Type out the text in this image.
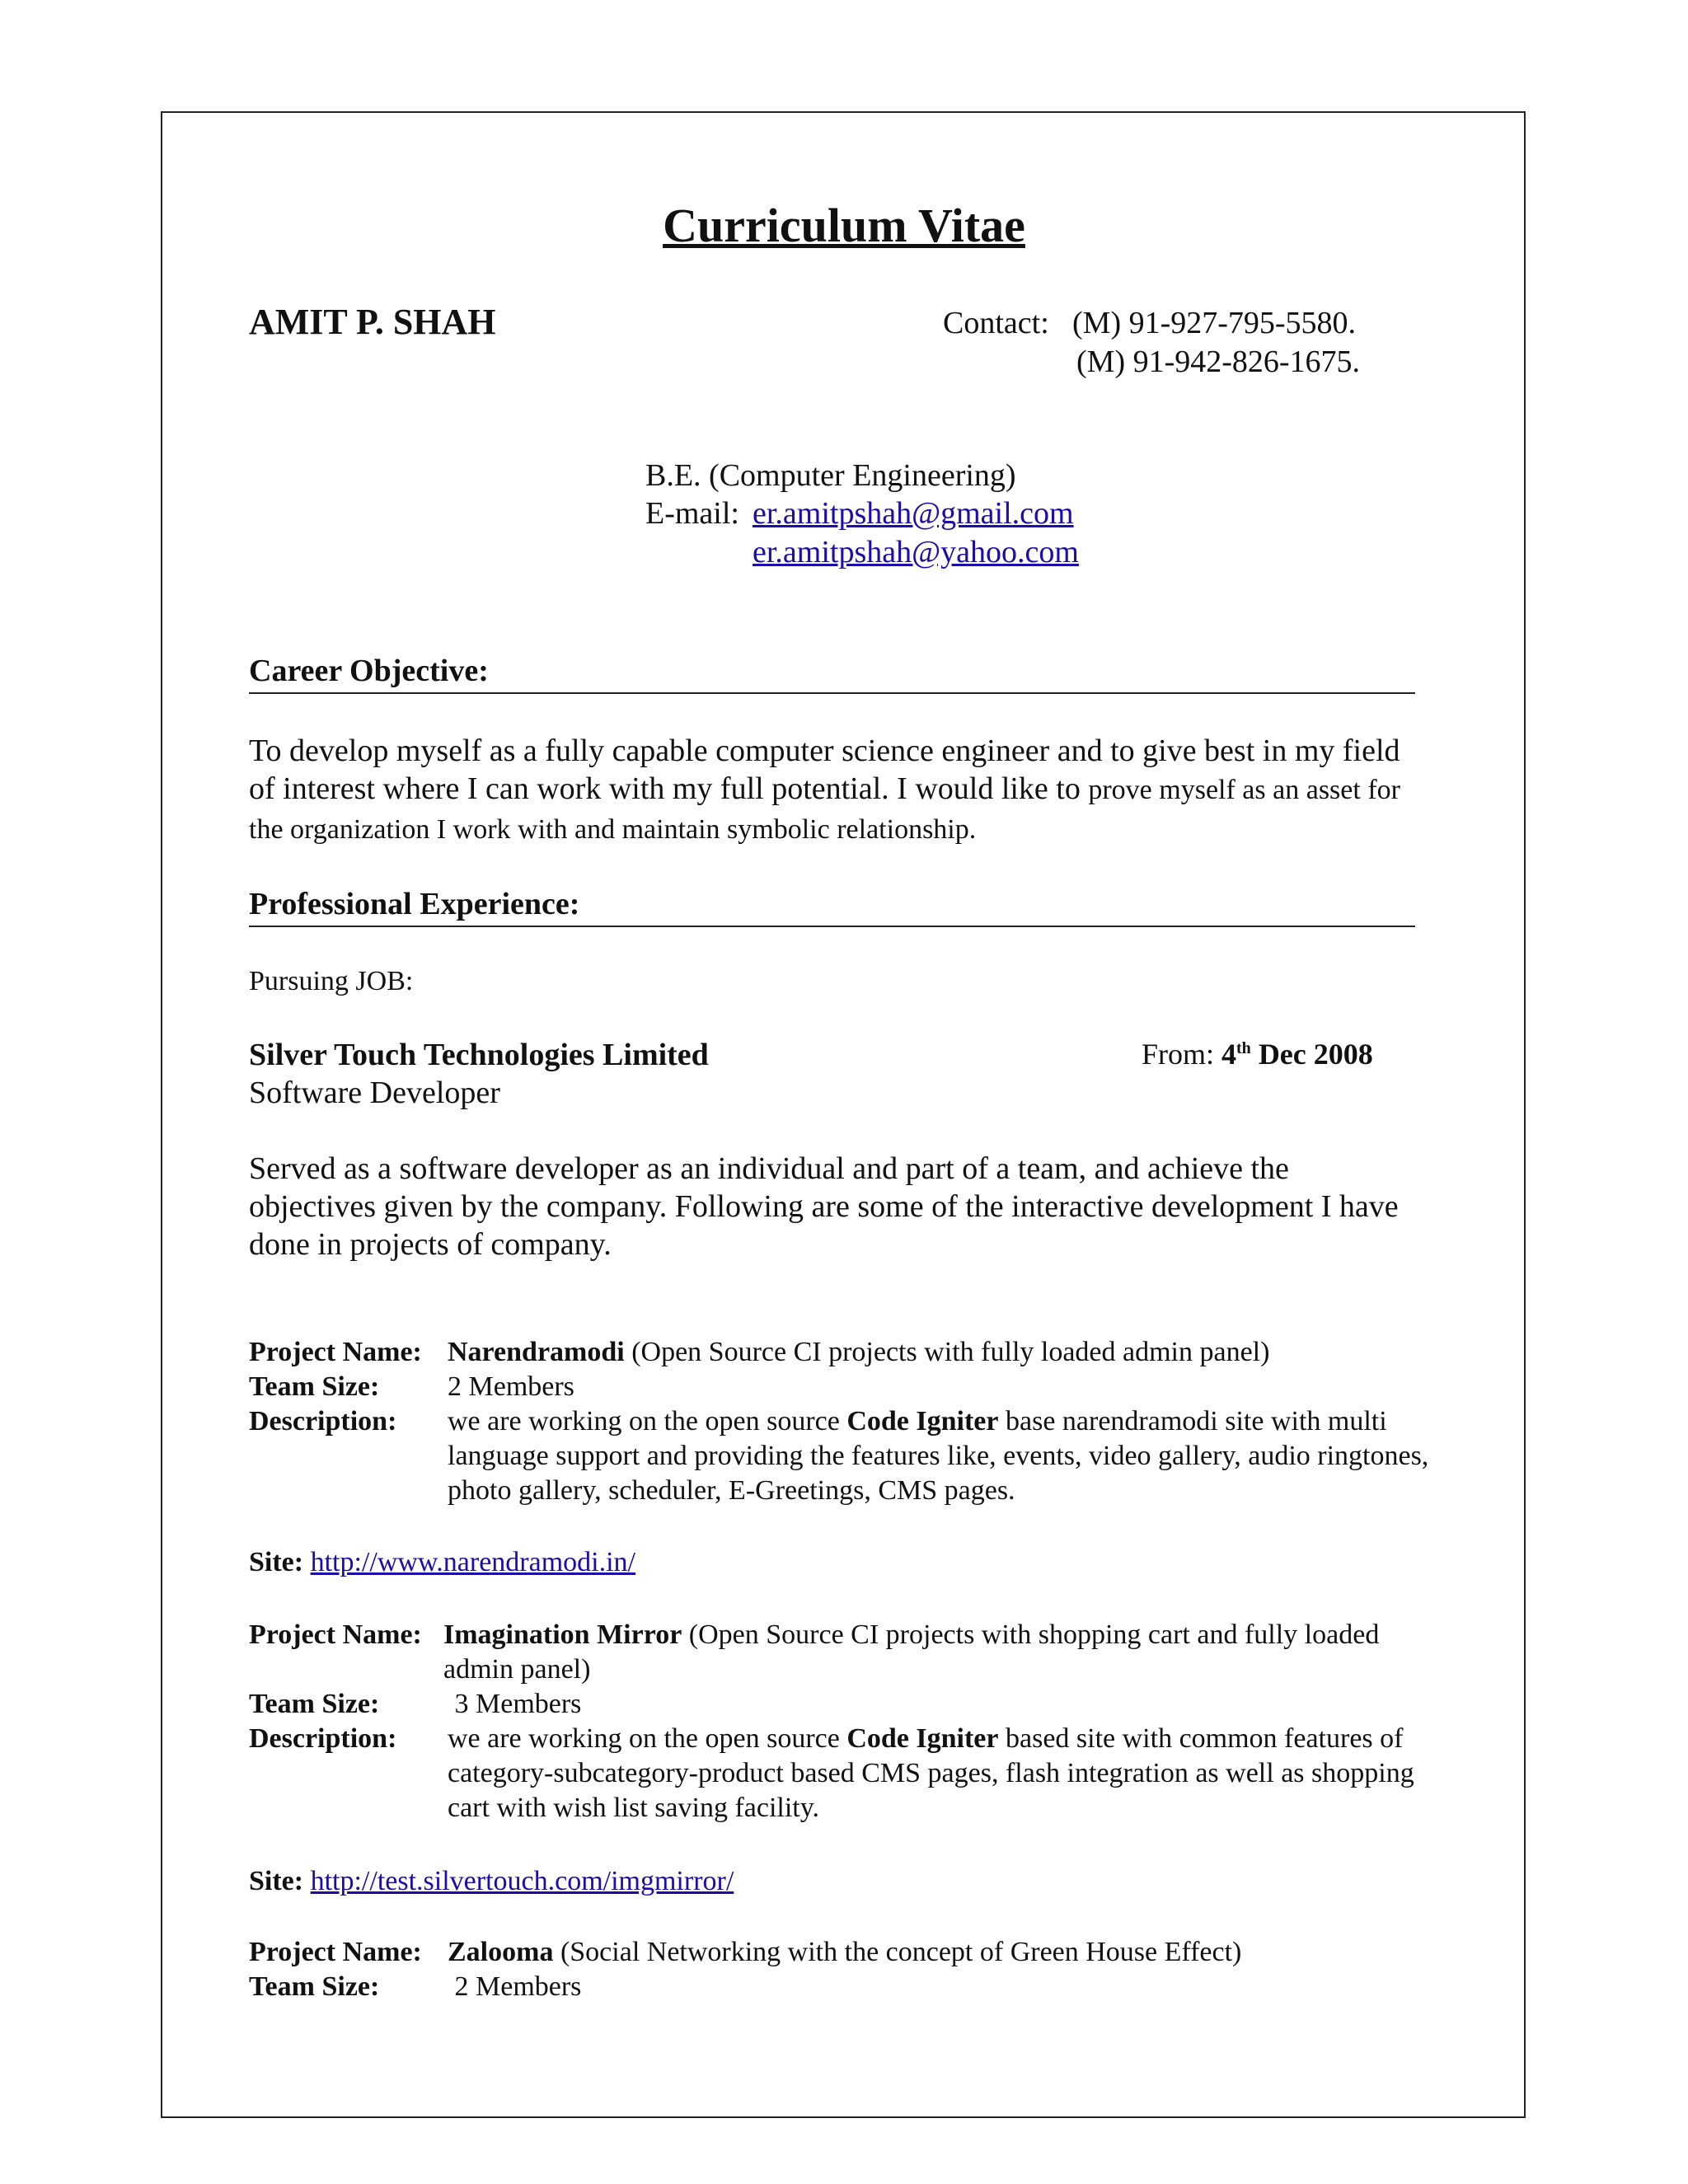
Curriculum Vitae
AMIT P. SHAH	Contact: (M) 91-927-795-5580.
(M) 91-942-826-1675.
B.E. (Computer Engineering)
E-mail: er.amitpshah@gmail.com
er.amitpshah@yahoo.com
Career Objective:
To develop myself as a fully capable computer science engineer and to give best in my field of interest where I can work with my full potential. I would like to prove myself as an asset for the organization I work with and maintain symbolic relationship.
Professional Experience:
Pursuing JOB:
Silver Touch Technologies Limited	From: 4th Dec 2008
Software Developer
Served as a software developer as an individual and part of a team, and achieve the objectives given by the company. Following are some of the interactive development I have done in projects of company.
Project Name: Narendramodi (Open Source CI projects with fully loaded admin panel)
Team Size: 2 Members
Description: we are working on the open source Code Igniter base narendramodi site with multi language support and providing the features like, events, video gallery, audio ringtones, photo gallery, scheduler, E-Greetings, CMS pages.
Site: http://www.narendramodi.in/
Project Name: Imagination Mirror (Open Source CI projects with shopping cart and fully loaded admin panel)
Team Size: 3 Members
Description: we are working on the open source Code Igniter based site with common features of category-subcategory-product based CMS pages, flash integration as well as shopping cart with wish list saving facility.
Site: http://test.silvertouch.com/imgmirror/
Project Name: Zalooma (Social Networking with the concept of Green House Effect)
Team Size: 2 Members
